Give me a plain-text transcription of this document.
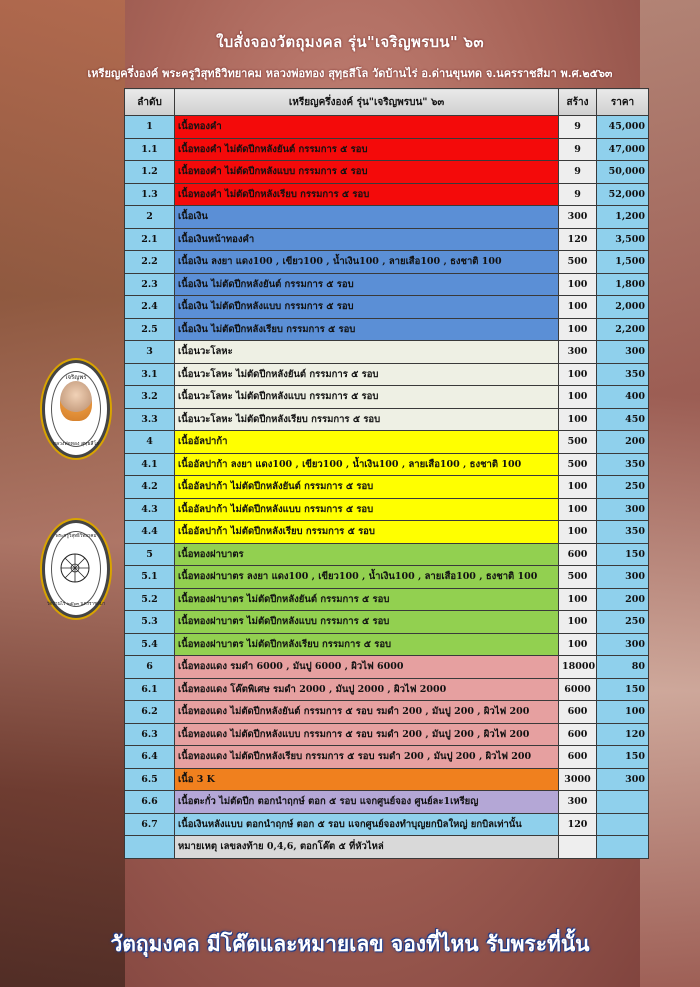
ใบสั่งจองวัตถุมงคล รุ่น"เจริญพรบน" ๖๓
เหรียญครึ่งองค์ พระครูวิสุทธิวิทยาคม หลวงพ่อทอง สุทฺธสีโล วัดบ้านไร่ อ.ด่านขุนทด จ.นครราชสีมา พ.ศ.๒๕๖๓
เจริญพร
หลวงพ่อทอง สุทฺธสีโล
พระครูวิสุทธิวิทยาคม
วัดบ้านไร่ ๒๕๖๓ นครราชสีมา
ลำดับ	เหรียญครึ่งองค์ รุ่น"เจริญพรบน" ๖๓	สร้าง	ราคา
1	เนื้อทองคำ	9	45,000
1.1	เนื้อทองคำ ไม่ตัดปีกหลังยันต์ กรรมการ ๕ รอบ	9	47,000
1.2	เนื้อทองคำ ไม่ตัดปีกหลังแบบ กรรมการ ๕ รอบ	9	50,000
1.3	เนื้อทองคำ ไม่ตัดปีกหลังเรียบ กรรมการ ๕ รอบ	9	52,000
2	เนื้อเงิน	300	1,200
2.1	เนื้อเงินหน้าทองคำ	120	3,500
2.2	เนื้อเงิน ลงยา แดง100 , เขียว100 , น้ำเงิน100 , ลายเสือ100 , ธงชาติ 100	500	1,500
2.3	เนื้อเงิน ไม่ตัดปีกหลังยันต์ กรรมการ ๕ รอบ	100	1,800
2.4	เนื้อเงิน ไม่ตัดปีกหลังแบบ กรรมการ ๕ รอบ	100	2,000
2.5	เนื้อเงิน ไม่ตัดปีกหลังเรียบ กรรมการ ๕ รอบ	100	2,200
3	เนื้อนวะโลหะ	300	300
3.1	เนื้อนวะโลหะ ไม่ตัดปีกหลังยันต์ กรรมการ ๕ รอบ	100	350
3.2	เนื้อนวะโลหะ ไม่ตัดปีกหลังแบบ กรรมการ ๕ รอบ	100	400
3.3	เนื้อนวะโลหะ ไม่ตัดปีกหลังเรียบ กรรมการ ๕ รอบ	100	450
4	เนื้ออัลปาก้า	500	200
4.1	เนื้ออัลปาก้า ลงยา แดง100 , เขียว100 , น้ำเงิน100 , ลายเสือ100 , ธงชาติ 100	500	350
4.2	เนื้ออัลปาก้า ไม่ตัดปีกหลังยันต์ กรรมการ ๕ รอบ	100	250
4.3	เนื้ออัลปาก้า ไม่ตัดปีกหลังแบบ กรรมการ ๕ รอบ	100	300
4.4	เนื้ออัลปาก้า ไม่ตัดปีกหลังเรียบ กรรมการ ๕ รอบ	100	350
5	เนื้อทองฝาบาตร	600	150
5.1	เนื้อทองฝาบาตร ลงยา แดง100 , เขียว100 , น้ำเงิน100 , ลายเสือ100 , ธงชาติ 100	500	300
5.2	เนื้อทองฝาบาตร ไม่ตัดปีกหลังยันต์ กรรมการ ๕ รอบ	100	200
5.3	เนื้อทองฝาบาตร ไม่ตัดปีกหลังแบบ กรรมการ ๕ รอบ	100	250
5.4	เนื้อทองฝาบาตร ไม่ตัดปีกหลังเรียบ กรรมการ ๕ รอบ	100	300
6	เนื้อทองแดง รมดำ 6000 , มันปู 6000 , ผิวไฟ 6000	18000	80
6.1	เนื้อทองแดง โค๊ตพิเศษ รมดำ 2000 , มันปู 2000 , ผิวไฟ 2000	6000	150
6.2	เนื้อทองแดง ไม่ตัดปีกหลังยันต์ กรรมการ ๕ รอบ รมดำ 200 , มันปู 200 , ผิวไฟ 200	600	100
6.3	เนื้อทองแดง ไม่ตัดปีกหลังแบบ กรรมการ ๕ รอบ รมดำ 200 , มันปู 200 , ผิวไฟ 200	600	120
6.4	เนื้อทองแดง ไม่ตัดปีกหลังเรียบ กรรมการ ๕ รอบ รมดำ 200 , มันปู 200 , ผิวไฟ 200	600	150
6.5	เนื้อ 3 K	3000	300
6.6	เนื้อตะกั่ว ไม่ตัดปีก ตอกนำฤกษ์ ตอก ๕ รอบ แจกศูนย์จอง ศูนย์ละ1เหรียญ	300	
6.7	เนื้อเงินหลังแบบ ตอกนำฤกษ์ ตอก ๕ รอบ แจกศูนย์จองทำบุญยกบิลใหญ่ ยกบิลเท่านั้น	120	
	หมายเหตุ เลขลงท้าย 0,4,6, ตอกโค๊ต ๕ ที่หัวไหล่		
วัตถุมงคล มีโค๊ตและหมายเลข จองที่ไหน รับพระที่นั้น
